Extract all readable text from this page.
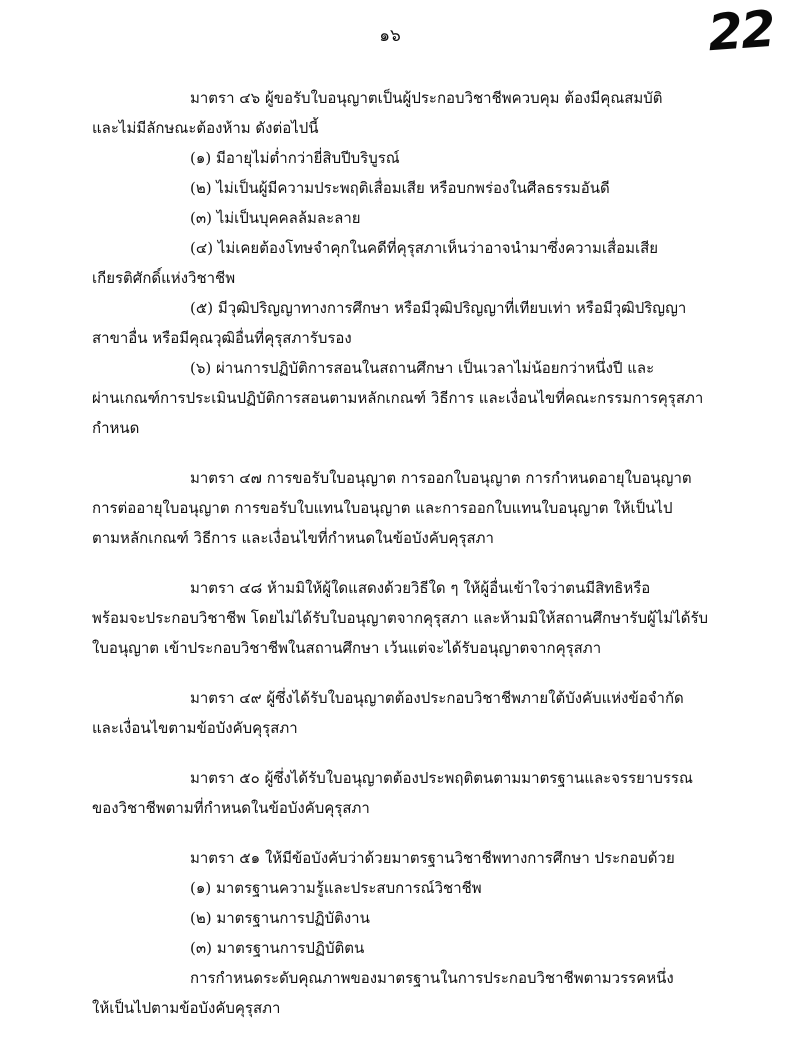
๑๖	22
มาตรา ๔๖ ผู้ขอรับใบอนุญาตเป็นผู้ประกอบวิชาชีพควบคุม ต้องมีคุณสมบัติ
และไม่มีลักษณะต้องห้าม ดังต่อไปนี้
(๑) มีอายุไม่ต่ำกว่ายี่สิบปีบริบูรณ์
(๒) ไม่เป็นผู้มีความประพฤติเสื่อมเสีย หรือบกพร่องในศีลธรรมอันดี
(๓) ไม่เป็นบุคคลล้มละลาย
(๔) ไม่เคยต้องโทษจำคุกในคดีที่คุรุสภาเห็นว่าอาจนำมาซึ่งความเสื่อมเสีย
เกียรติศักดิ์แห่งวิชาชีพ
(๕) มีวุฒิปริญญาทางการศึกษา หรือมีวุฒิปริญญาที่เทียบเท่า หรือมีวุฒิปริญญา
สาขาอื่น หรือมีคุณวุฒิอื่นที่คุรุสภารับรอง
(๖) ผ่านการปฏิบัติการสอนในสถานศึกษา เป็นเวลาไม่น้อยกว่าหนึ่งปี และ
ผ่านเกณฑ์การประเมินปฏิบัติการสอนตามหลักเกณฑ์ วิธีการ และเงื่อนไขที่คณะกรรมการคุรุสภา
กำหนด
มาตรา ๔๗ การขอรับใบอนุญาต การออกใบอนุญาต การกำหนดอายุใบอนุญาต
การต่ออายุใบอนุญาต การขอรับใบแทนใบอนุญาต และการออกใบแทนใบอนุญาต ให้เป็นไป
ตามหลักเกณฑ์ วิธีการ และเงื่อนไขที่กำหนดในข้อบังคับคุรุสภา
มาตรา ๔๘ ห้ามมิให้ผู้ใดแสดงด้วยวิธีใด ๆ ให้ผู้อื่นเข้าใจว่าตนมีสิทธิหรือ
พร้อมจะประกอบวิชาชีพ โดยไม่ได้รับใบอนุญาตจากคุรุสภา และห้ามมิให้สถานศึกษารับผู้ไม่ได้รับ
ใบอนุญาต เข้าประกอบวิชาชีพในสถานศึกษา เว้นแต่จะได้รับอนุญาตจากคุรุสภา
มาตรา ๔๙ ผู้ซึ่งได้รับใบอนุญาตต้องประกอบวิชาชีพภายใต้บังคับแห่งข้อจำกัด
และเงื่อนไขตามข้อบังคับคุรุสภา
มาตรา ๕๐ ผู้ซึ่งได้รับใบอนุญาตต้องประพฤติตนตามมาตรฐานและจรรยาบรรณ
ของวิชาชีพตามที่กำหนดในข้อบังคับคุรุสภา
มาตรา ๕๑ ให้มีข้อบังคับว่าด้วยมาตรฐานวิชาชีพทางการศึกษา ประกอบด้วย
(๑) มาตรฐานความรู้และประสบการณ์วิชาชีพ
(๒) มาตรฐานการปฏิบัติงาน
(๓) มาตรฐานการปฏิบัติตน
การกำหนดระดับคุณภาพของมาตรฐานในการประกอบวิชาชีพตามวรรคหนึ่ง
ให้เป็นไปตามข้อบังคับคุรุสภา
